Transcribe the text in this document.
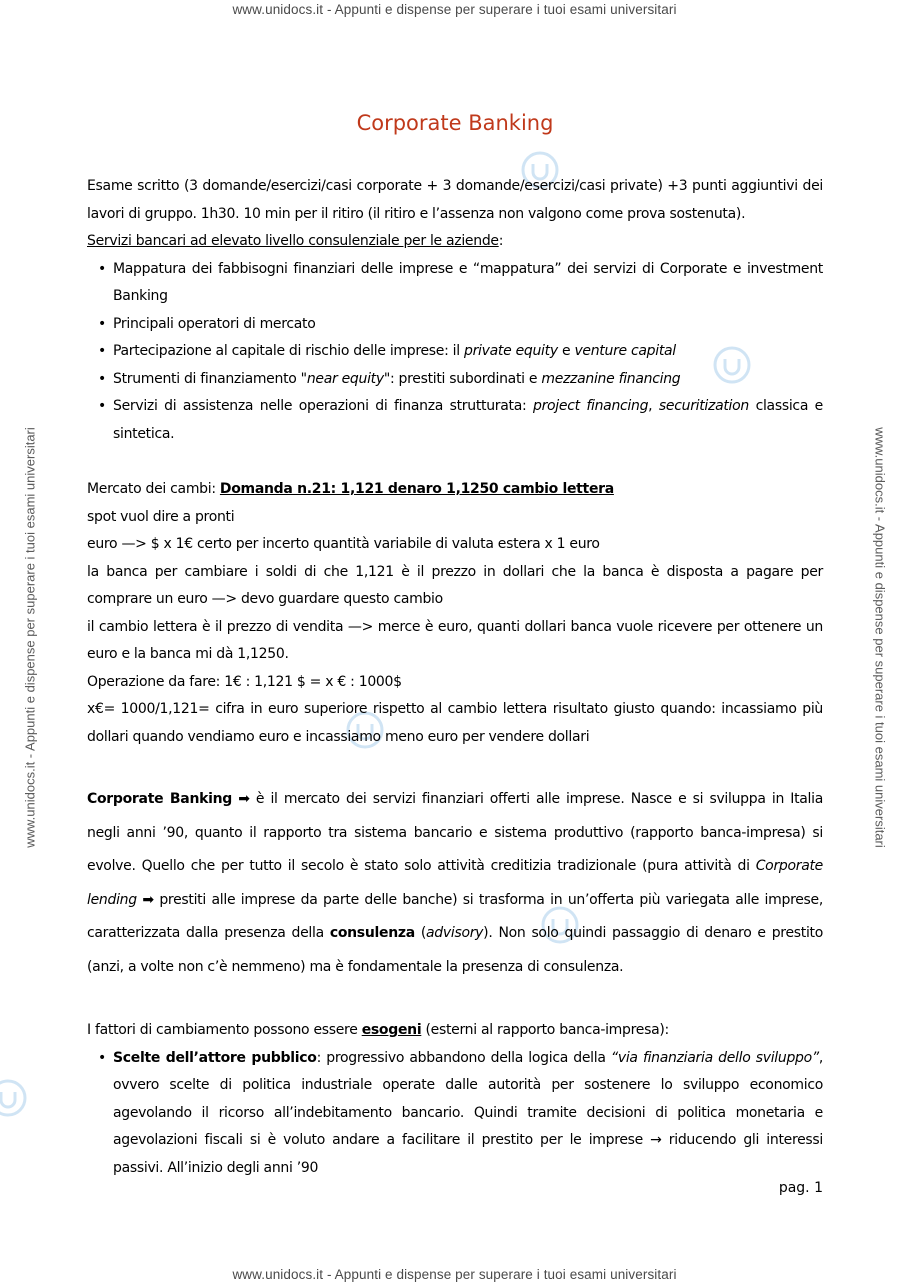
www.unidocs.it - Appunti e dispense per superare i tuoi esami universitari
www.unidocs.it - Appunti e dispense per superare i tuoi esami universitari
www.unidocs.it - Appunti e dispense per superare i tuoi esami universitari	www.unidocs.it - Appunti e dispense per superare i tuoi esami universitari
Corporate Banking

Esame scritto (3 domande/esercizi/casi corporate + 3 domande/esercizi/casi private) +3 punti aggiuntivi dei lavori di gruppo. 1h30. 10 min per il ritiro (il ritiro e l’assenza non valgono come prova sostenuta).

Servizi bancari ad elevato livello consulenziale per le aziende:

• Mappatura dei fabbisogni finanziari delle imprese e “mappatura” dei servizi di Corporate e investment Banking
• Principali operatori di mercato
• Partecipazione al capitale di rischio delle imprese: il private equity e venture capital
• Strumenti di finanziamento "near equity": prestiti subordinati e mezzanine financing
• Servizi di assistenza nelle operazioni di finanza strutturata: project financing, securitization classica e sintetica.

Mercato dei cambi: Domanda n.21: 1,121 denaro 1,1250 cambio lettera

spot vuol dire a pronti

euro —> $ x 1€ certo per incerto quantità variabile di valuta estera x 1 euro

la banca per cambiare i soldi di che 1,121 è il prezzo in dollari che la banca è disposta a pagare per comprare un euro —> devo guardare questo cambio

il cambio lettera è il prezzo di vendita —> merce è euro, quanti dollari banca vuole ricevere per ottenere un euro e la banca mi dà 1,1250.

Operazione da fare: 1€ : 1,121 $ = x € : 1000$

x€= 1000/1,121= cifra in euro superiore rispetto al cambio lettera risultato giusto quando: incassiamo più dollari quando vendiamo euro e incassiamo meno euro per vendere dollari

Corporate Banking ➡ è il mercato dei servizi finanziari offerti alle imprese. Nasce e si sviluppa in Italia negli anni ’90, quanto il rapporto tra sistema bancario e sistema produttivo (rapporto banca-impresa) si evolve. Quello che per tutto il secolo è stato solo attività creditizia tradizionale (pura attività di Corporate lending ➡ prestiti alle imprese da parte delle banche) si trasforma in un’offerta più variegata alle imprese, caratterizzata dalla presenza della consulenza (advisory). Non solo quindi passaggio di denaro e prestito (anzi, a volte non c’è nemmeno) ma è fondamentale la presenza di consulenza.

I fattori di cambiamento possono essere esogeni (esterni al rapporto banca-impresa):

• Scelte dell’attore pubblico: progressivo abbandono della logica della “via finanziaria dello sviluppo”, ovvero scelte di politica industriale operate dalle autorità per sostenere lo sviluppo economico agevolando il ricorso all’indebitamento bancario. Quindi tramite decisioni di politica monetaria e agevolazioni fiscali si è voluto andare a facilitare il prestito per le imprese → riducendo gli interessi passivi. All’inizio degli anni ’90
pag. 1
